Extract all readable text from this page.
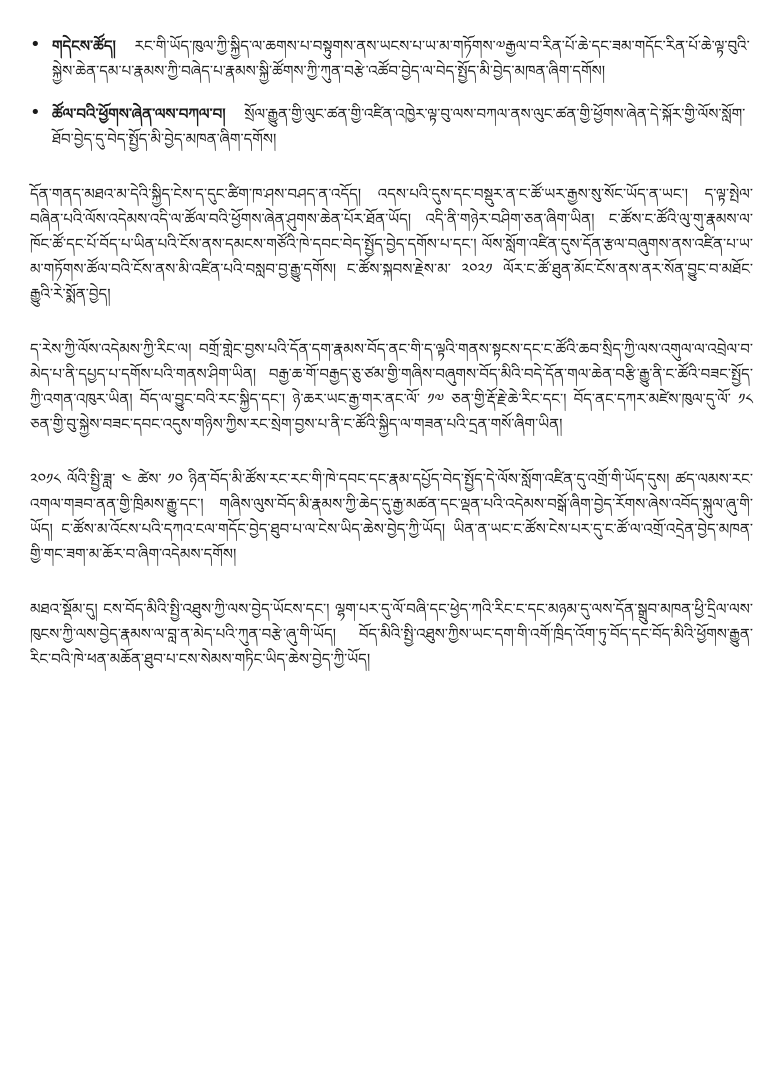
• གདེངས་ཚོད། རང་གི་ཡོད་ཁུལ་ཀྱི་སྐྱིད་ལ་ཆགས་པ་བསྟུགས་ནས་ཡངས་པ་ཡ་མ་གཏོགས་༧རྒྱལ་བ་རིན་པོ་ཆེ་དང་ཟམ་གདོང་རིན་པོ་ཆེ་ལྟ་བུའི་སྐྱེས་ཆེན་དམ་པ་རྣམས་ཀྱི་བཞེད་པ་རྣམས་སྐྱི་ཚོགས་ཀྱི་ཀུན་བརྩེ་འཚོབ་བྱེད་ལ་བེད་སྤྱོད་མི་བྱེད་མཁན་ཞིག་དགོས།
• ཚོལ་བའི་ཕྱོགས་ཞེན་ལས་བཀལ་བ། སྲོལ་རྒྱུན་གྱི་ལུང་ཚན་གྱི་འཛིན་འཁྱེར་ལྟ་བུ་ལས་བཀལ་ནས་ལུང་ཚན་གྱི་ཕྱོགས་ཞེན་དེ་སྐོར་གྱི་ལོས་སློག་ཐོབ་བྱེད་དུ་བེད་སྤྱོད་མི་བྱེད་མཁན་ཞིག་དགོས།

དོན་གནད་མཐའ་མ་དེའི་སྐྱིད་ངེས་ད་དུང་ཚིག་ཁ་ཤས་བཤད་ན་འདོད། འདས་པའི་དུས་དང་བསྡུར་ན་ང་ཚོ་ཡར་རྒྱས་སུ་སོང་ཡོད་ན་ཡང་། ད་ལྟ་སྤེལ་བཞིན་པའི་ལོས་འདེམས་འདི་ལ་ཚོལ་བའི་ཕྱོགས་ཞེན་ཤུགས་ཆེན་པོར་ཐོན་ཡོད། འདི་ནི་གཉེར་བཤིག་ཅན་ཞིག་ཡིན། ང་ཚོས་ང་ཚོའི་ལུ་གུ་རྣམས་ལ་ཁོང་ཚོ་དང་པོ་བོད་པ་ཡིན་པའི་ངོས་ནས་དམངས་གཙོའི་ཁེ་དབང་བེད་སྤྱོད་བྱེད་དགོས་པ་དང་། ལོས་སློག་འཛིན་དུས་དོན་རྩལ་བཞུགས་ནས་འཛིན་པ་ཡ་མ་གཏོགས་ཚོལ་བའི་ངོས་ནས་མི་འཛིན་པའི་བསླབ་བྱ་རྒྱུ་དགོས། ང་ཚོས་སྐབས་རྗེས་མ་ ༢༠༢༡ ལོར་ང་ཚོ་ཐུན་མོང་ངོས་ནས་ནར་སོན་བྱུང་བ་མཐོང་རྒྱུའི་རེ་སྨོན་བྱེད།

ད་རེས་ཀྱི་ལོས་འདེམས་ཀྱི་རིང་ལ། བགྲོ་གླེང་བྱས་པའི་དོན་དག་རྣམས་བོད་ནང་གི་ད་ལྟའི་གནས་སྟངས་དང་ང་ཚོའི་ཆབ་སྲིད་ཀྱི་ལས་འགུལ་ལ་འབྲེལ་བ་མེད་པ་ནི་དཔྱད་པ་དགོས་པའི་གནས་ཤིག་ཡིན། བརྒྱ་ཆ་གོ་བརྒྱད་ཅུ་ཙམ་གྱི་གཞིས་བཞུགས་བོད་མིའི་བདེ་དོན་གལ་ཆེན་བརྩི་རྒྱུ་ནི་ང་ཚོའི་བཟང་སྤྱོད་ཀྱི་འགན་འཁུར་ཡིན། བོད་ལ་བྱུང་བའི་རང་སྐྱིད་དང་། ཉེ་ཆར་ཡང་རྒྱ་གར་ནང་ལོ་ ༡༧ ཅན་གྱི་རྡོ་རྗེ་ཆེ་རིང་དང་། བོད་ནང་དཀར་མཛེས་ཁུལ་དུ་ལོ་ ༡༨ ཅན་གྱི་བུ་སྐྱེས་བཟང་དབང་འདུས་གཉིས་ཀྱིས་རང་སྲེག་བྱས་པ་ནི་ང་ཚོའི་སྐྱིད་ལ་གཟན་པའི་དྲན་གསོ་ཞིག་ཡིན།

༢༠༡༨ ལོའི་སྤྱི་ཟླ་ ༤ ཚེས་ ༡༠ ཉིན་བོད་མི་ཚོས་རང་རང་གི་ཁེ་དབང་དང་རྣམ་དཔྱོད་བེད་སྤྱོད་དེ་ལོས་སློག་འཛིན་དུ་འགྲོ་གི་ཡོད་དུས། ཚད་ལམས་རང་འགལ་གཟབ་ནན་གྱི་ཁྲིམས་རྒྱུ་དང་། གཞིས་ལུས་བོད་མི་རྣམས་ཀྱི་ཆེད་དུ་རྒྱ་མཚན་དང་ལྡན་པའི་འདེམས་བསྒོ་ཞིག་བྱེད་རོགས་ཞེས་འབོད་སྐུལ་ཞུ་གི་ཡོད། ང་ཚོས་མ་འོངས་པའི་དཀའ་ངལ་གདོང་བྱེད་ཐུབ་པ་ལ་ངེས་ཡིད་ཆེས་བྱེད་ཀྱི་ཡོད། ཡིན་ན་ཡང་ང་ཚོས་ངེས་པར་དུ་ང་ཚོ་ལ་འགྲོ་འདྲེན་བྱེད་མཁན་གྱི་གང་ཟག་མ་ཆོར་བ་ཞིག་འདེམས་དགོས།

མཐའ་སྡོམ་དུ། ངས་བོད་མིའི་སྤྱི་འཐུས་ཀྱི་ལས་བྱེད་ཡོངས་དང་། ལྷག་པར་དུ་ལོ་བཞི་དང་ཕྱེད་ཀའི་རིང་ང་དང་མཉམ་དུ་ལས་དོན་སྒྲུབ་མཁན་ཕྱི་དྲིལ་ལས་ཁུངས་ཀྱི་ལས་བྱེད་རྣམས་ལ་བླ་ན་མེད་པའི་ཀུན་བརྩེ་ཞུ་གི་ཡོད། བོད་མིའི་སྤྱི་འཐུས་ཀྱིས་ཡང་དག་གི་འགོ་ཁྲིད་འོག་ཏུ་བོད་དང་བོད་མིའི་ཕྱོགས་རྒྱུན་རིང་བའི་ཁེ་ཕན་མཆོན་ཐུབ་པ་ངས་སེམས་གཏིང་ཡིད་ཆེས་བྱེད་ཀྱི་ཡོད།
